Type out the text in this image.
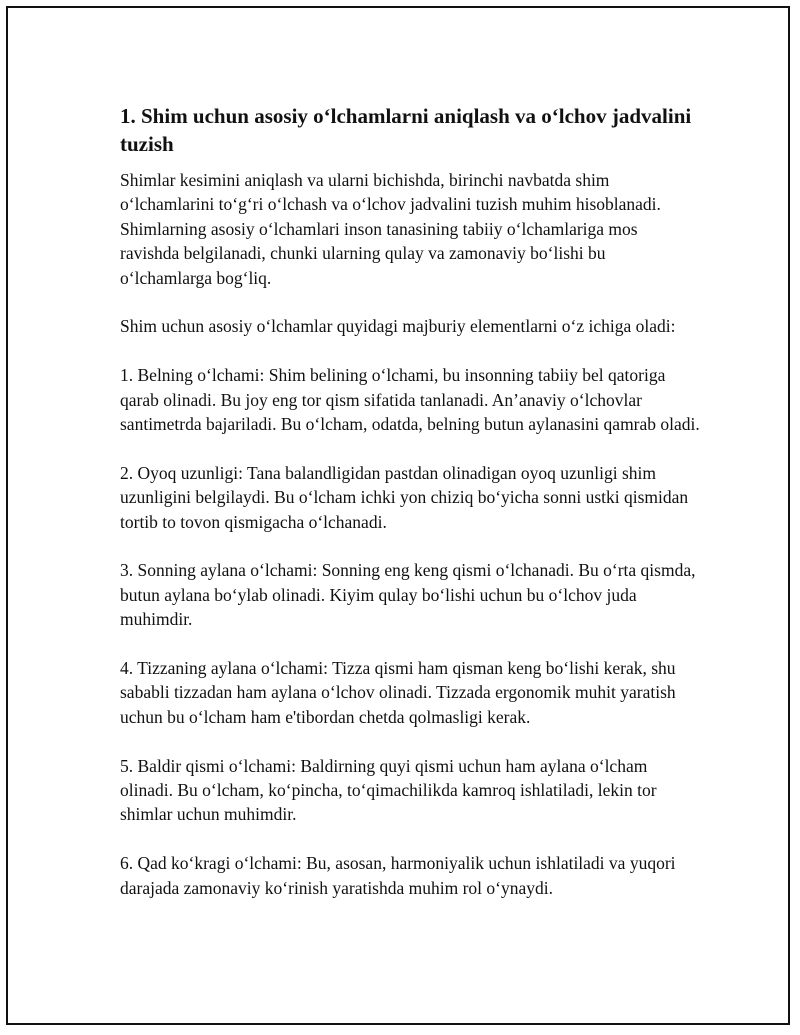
1. Shim uchun asosiy o‘lchamlarni aniqlash va o‘lchov jadvalini tuzish

Shimlar kesimini aniqlash va ularni bichishda, birinchi navbatda shim o‘lchamlarini to‘g‘ri o‘lchash va o‘lchov jadvalini tuzish muhim hisoblanadi. Shimlarning asosiy o‘lchamlari inson tanasining tabiiy o‘lchamlariga mos ravishda belgilanadi, chunki ularning qulay va zamonaviy bo‘lishi bu o‘lchamlarga bog‘liq.

Shim uchun asosiy o‘lchamlar quyidagi majburiy elementlarni o‘z ichiga oladi:

1. Belning o‘lchami: Shim belining o‘lchami, bu insonning tabiiy bel qatoriga qarab olinadi. Bu joy eng tor qism sifatida tanlanadi. An’anaviy o‘lchovlar santimetrda bajariladi. Bu o‘lcham, odatda, belning butun aylanasini qamrab oladi.

2. Oyoq uzunligi: Tana balandligidan pastdan olinadigan oyoq uzunligi shim uzunligini belgilaydi. Bu o‘lcham ichki yon chiziq bo‘yicha sonni ustki qismidan tortib to tovon qismigacha o‘lchanadi.

3. Sonning aylana o‘lchami: Sonning eng keng qismi o‘lchanadi. Bu o‘rta qismda, butun aylana bo‘ylab olinadi. Kiyim qulay bo‘lishi uchun bu o‘lchov juda muhimdir.

4. Tizzaning aylana o‘lchami: Tizza qismi ham qisman keng bo‘lishi kerak, shu sababli tizzadan ham aylana o‘lchov olinadi. Tizzada ergonomik muhit yaratish uchun bu o‘lcham ham e'tibordan chetda qolmasligi kerak.

5. Baldir qismi o‘lchami: Baldirning quyi qismi uchun ham aylana o‘lcham olinadi. Bu o‘lcham, ko‘pincha, to‘qimachilikda kamroq ishlatiladi, lekin tor shimlar uchun muhimdir.

6. Qad ko‘kragi o‘lchami: Bu, asosan, harmoniyalik uchun ishlatiladi va yuqori darajada zamonaviy ko‘rinish yaratishda muhim rol o‘ynaydi.
